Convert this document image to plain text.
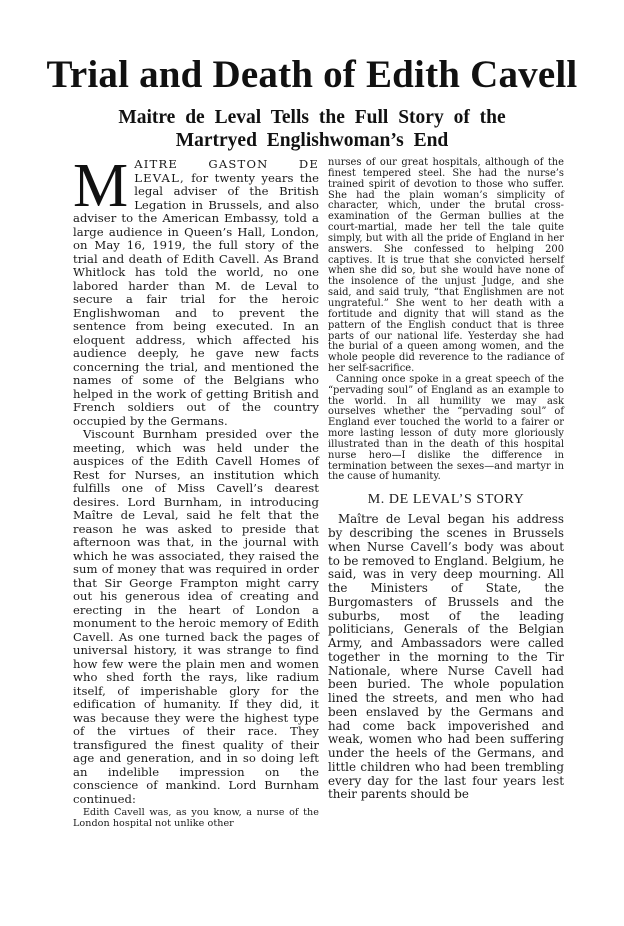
Trial and Death of Edith Cavell
Maitre de Leval Tells the Full Story of the
Martryed Englishwoman’s End

MAITRE GASTON DE LEVAL, for twenty years the legal adviser of the British Legation in Brussels, and also adviser to the American Embassy, told a large audience in Queen’s Hall, London, on May 16, 1919, the full story of the trial and death of Edith Cavell. As Brand Whitlock has told the world, no one labored harder than M. de Leval to secure a fair trial for the heroic Englishwoman and to prevent the sentence from being executed. In an eloquent address, which affected his audience deeply, he gave new facts concerning the trial, and mentioned the names of some of the Belgians who helped in the work of getting British and French soldiers out of the country occupied by the Germans.

Viscount Burnham presided over the meeting, which was held under the auspices of the Edith Cavell Homes of Rest for Nurses, an institution which fulfills one of Miss Cavell’s dearest desires. Lord Burnham, in introducing Maître de Leval, said he felt that the reason he was asked to preside that afternoon was that, in the journal with which he was associated, they raised the sum of money that was required in order that Sir George Frampton might carry out his generous idea of creating and erecting in the heart of London a monument to the heroic memory of Edith Cavell. As one turned back the pages of universal history, it was strange to find how few were the plain men and women who shed forth the rays, like radium itself, of imperishable glory for the edification of humanity. If they did, it was because they were the highest type of the virtues of their race. They transfigured the finest quality of their age and generation, and in so doing left an indelible impression on the conscience of mankind. Lord Burnham continued:

Edith Cavell was, as you know, a nurse of the London hospital not unlike other

nurses of our great hospitals, although of the finest tempered steel. She had the nurse’s trained spirit of devotion to those who suffer. She had the plain woman’s simplicity of character, which, under the brutal cross-examination of the German bullies at the court-martial, made her tell the tale quite simply, but with all the pride of England in her answers. She confessed to helping 200 captives. It is true that she convicted herself when she did so, but she would have none of the insolence of the unjust Judge, and she said, and said truly, “that Englishmen are not ungrateful.” She went to her death with a fortitude and dignity that will stand as the pattern of the English conduct that is three parts of our national life. Yesterday she had the burial of a queen among women, and the whole people did reverence to the radiance of her self-sacrifice.

Canning once spoke in a great speech of the “pervading soul” of England as an example to the world. In all humility we may ask ourselves whether the “pervading soul” of England ever touched the world to a fairer or more lasting lesson of duty more gloriously illustrated than in the death of this hospital nurse hero—I dislike the difference in termination between the sexes—and martyr in the cause of humanity.

M. DE LEVAL’S STORY

Maître de Leval began his address by describing the scenes in Brussels when Nurse Cavell’s body was about to be removed to England. Belgium, he said, was in very deep mourning. All the Ministers of State, the Burgomasters of Brussels and the suburbs, most of the leading politicians, Generals of the Belgian Army, and Ambassadors were called together in the morning to the Tir Nationale, where Nurse Cavell had been buried. The whole population lined the streets, and men who had been enslaved by the Germans and had come back impoverished and weak, women who had been suffering under the heels of the Germans, and little children who had been trembling every day for the last four years lest their parents should be
